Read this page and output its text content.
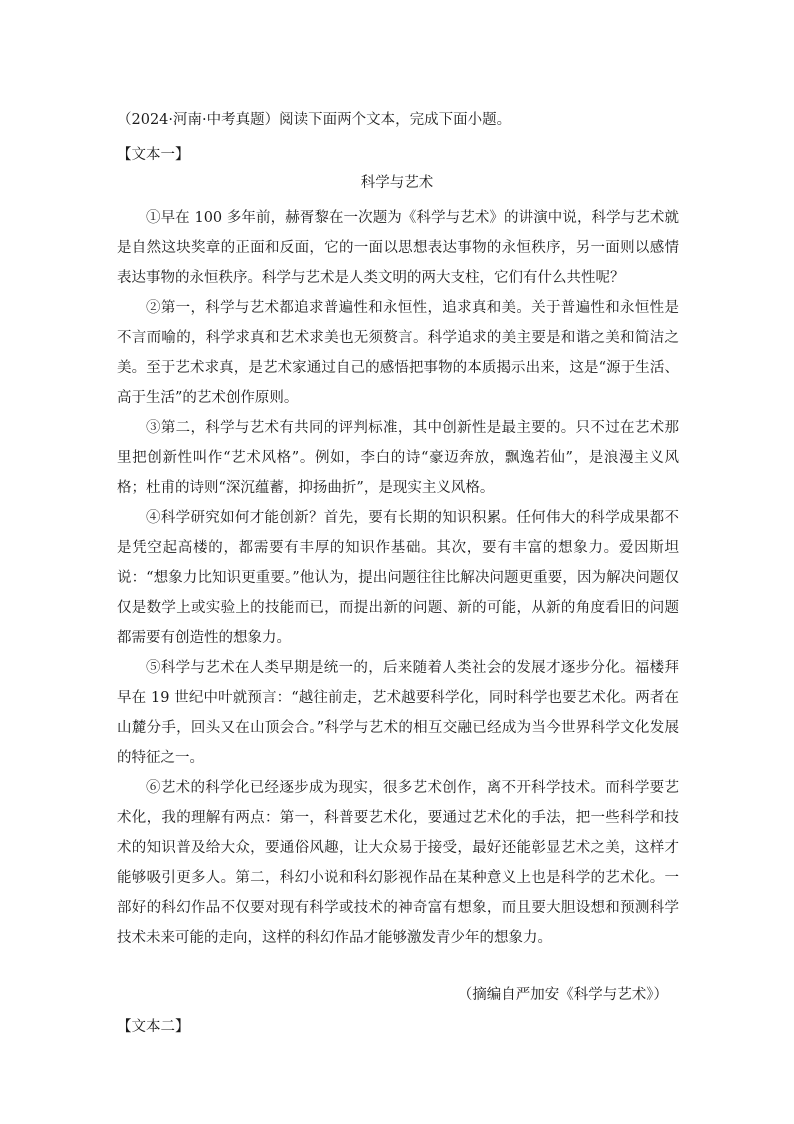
（2024·河南·中考真题）阅读下面两个文本，完成下面小题。
【文本一】
科学与艺术
①早在 100 多年前，赫胥黎在一次题为《科学与艺术》的讲演中说，科学与艺术就是自然这块奖章的正面和反面，它的一面以思想表达事物的永恒秩序，另一面则以感情表达事物的永恒秩序。科学与艺术是人类文明的两大支柱，它们有什么共性呢？
②第一，科学与艺术都追求普遍性和永恒性，追求真和美。关于普遍性和永恒性是不言而喻的，科学求真和艺术求美也无须赘言。科学追求的美主要是和谐之美和简洁之美。至于艺术求真，是艺术家通过自己的感悟把事物的本质揭示出来，这是“源于生活、高于生活”的艺术创作原则。
③第二，科学与艺术有共同的评判标准，其中创新性是最主要的。只不过在艺术那里把创新性叫作“艺术风格”。例如，李白的诗“豪迈奔放，飘逸若仙”，是浪漫主义风格；杜甫的诗则“深沉蕴蓄，抑扬曲折”，是现实主义风格。
④科学研究如何才能创新？首先，要有长期的知识积累。任何伟大的科学成果都不是凭空起高楼的，都需要有丰厚的知识作基础。其次，要有丰富的想象力。爱因斯坦说：“想象力比知识更重要。”他认为，提出问题往往比解决问题更重要，因为解决问题仅仅是数学上或实验上的技能而已，而提出新的问题、新的可能，从新的角度看旧的问题都需要有创造性的想象力。
⑤科学与艺术在人类早期是统一的，后来随着人类社会的发展才逐步分化。福楼拜早在 19 世纪中叶就预言：“越往前走，艺术越要科学化，同时科学也要艺术化。两者在山麓分手，回头又在山顶会合。”科学与艺术的相互交融已经成为当今世界科学文化发展的特征之一。
⑥艺术的科学化已经逐步成为现实，很多艺术创作，离不开科学技术。而科学要艺术化，我的理解有两点：第一，科普要艺术化，要通过艺术化的手法，把一些科学和技术的知识普及给大众，要通俗风趣，让大众易于接受，最好还能彰显艺术之美，这样才能够吸引更多人。第二，科幻小说和科幻影视作品在某种意义上也是科学的艺术化。一部好的科幻作品不仅要对现有科学或技术的神奇富有想象，而且要大胆设想和预测科学技术未来可能的走向，这样的科幻作品才能够激发青少年的想象力。
（摘编自严加安《科学与艺术》）
【文本二】
